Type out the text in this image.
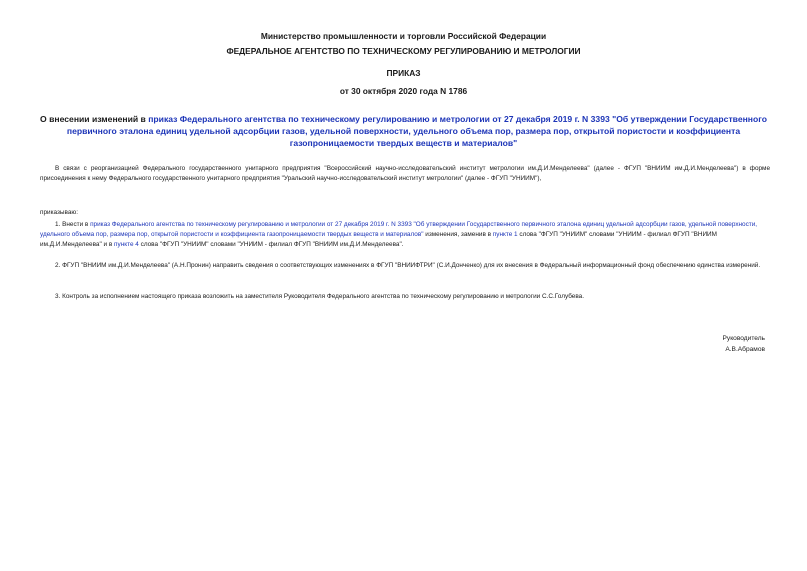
Министерство промышленности и торговли Российской Федерации
ФЕДЕРАЛЬНОЕ АГЕНТСТВО ПО ТЕХНИЧЕСКОМУ РЕГУЛИРОВАНИЮ И МЕТРОЛОГИИ
ПРИКАЗ
от 30 октября 2020 года N 1786
О внесении изменений в приказ Федерального агентства по техническому регулированию и метрологии от 27 декабря 2019 г. N 3393 "Об утверждении Государственного первичного эталона единиц удельной адсорбции газов, удельной поверхности, удельного объема пор, размера пор, открытой пористости и коэффициента газопроницаемости твердых веществ и материалов"
В связи с реорганизацией Федерального государственного унитарного предприятия "Всероссийский научно-исследовательский институт метрологии им.Д.И.Менделеева" (далее - ФГУП "ВНИИМ им.Д.И.Менделеева") в форме присоединения к нему Федерального государственного унитарного предприятия "Уральский научно-исследовательский институт метрологии" (далее - ФГУП "УНИИМ"),
приказываю:
1. Внести в приказ Федерального агентства по техническому регулированию и метрологии от 27 декабря 2019 г. N 3393 "Об утверждении Государственного первичного эталона единиц удельной адсорбции газов, удельной поверхности, удельного объема пор, размера пор, открытой пористости и коэффициента газопроницаемости твердых веществ и материалов" изменения, заменив в пункте 1 слова "ФГУП "УНИИМ" словами "УНИИМ - филиал ФГУП "ВНИИМ им.Д.И.Менделеева" и в пункте 4 слова "ФГУП "УНИИМ" словами "УНИИМ - филиал ФГУП "ВНИИМ им.Д.И.Менделеева".
2. ФГУП "ВНИИМ им.Д.И.Менделеева" (А.Н.Пронин) направить сведения о соответствующих изменениях в ФГУП "ВНИИФТРИ" (С.И.Донченко) для их внесения в Федеральный информационный фонд обеспечению единства измерений.
3. Контроль за исполнением настоящего приказа возложить на заместителя Руководителя Федерального агентства по техническому регулированию и метрологии С.С.Голубева.
Руководитель
А.В.Абрамов
